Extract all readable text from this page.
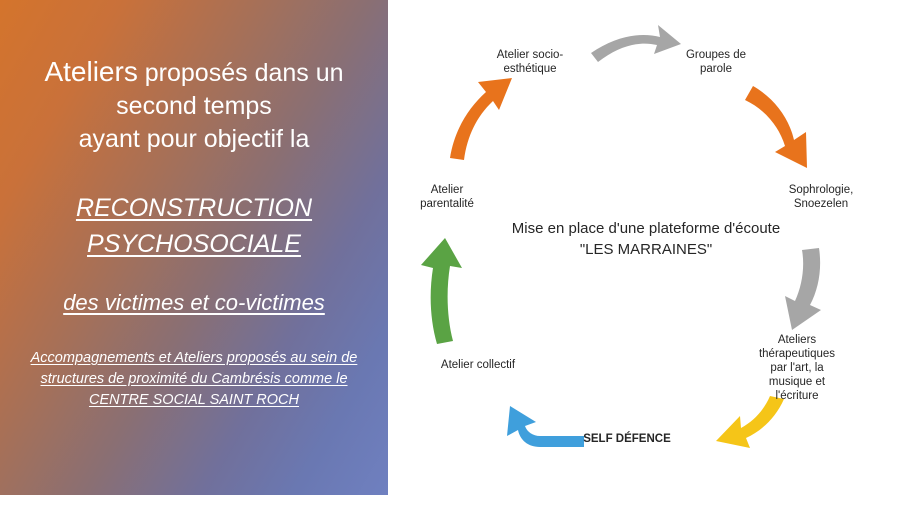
Ateliers proposés dans un second temps
ayant pour objectif la
RECONSTRUCTION
PSYCHOSOCIALE
des victimes et co-victimes
Accompagnements et Ateliers proposés au sein de structures de proximité du Cambrésis comme le CENTRE SOCIAL SAINT ROCH
Atelier socio-esthétique
Groupes de parole
Sophrologie, Snoezelen
Ateliers thérapeutiques par l'art, la musique et l'écriture
SELF DÉFENCE
Atelier collectif
Atelier parentalité
Mise en place d'une plateforme d'écoute
"LES MARRAINES"
